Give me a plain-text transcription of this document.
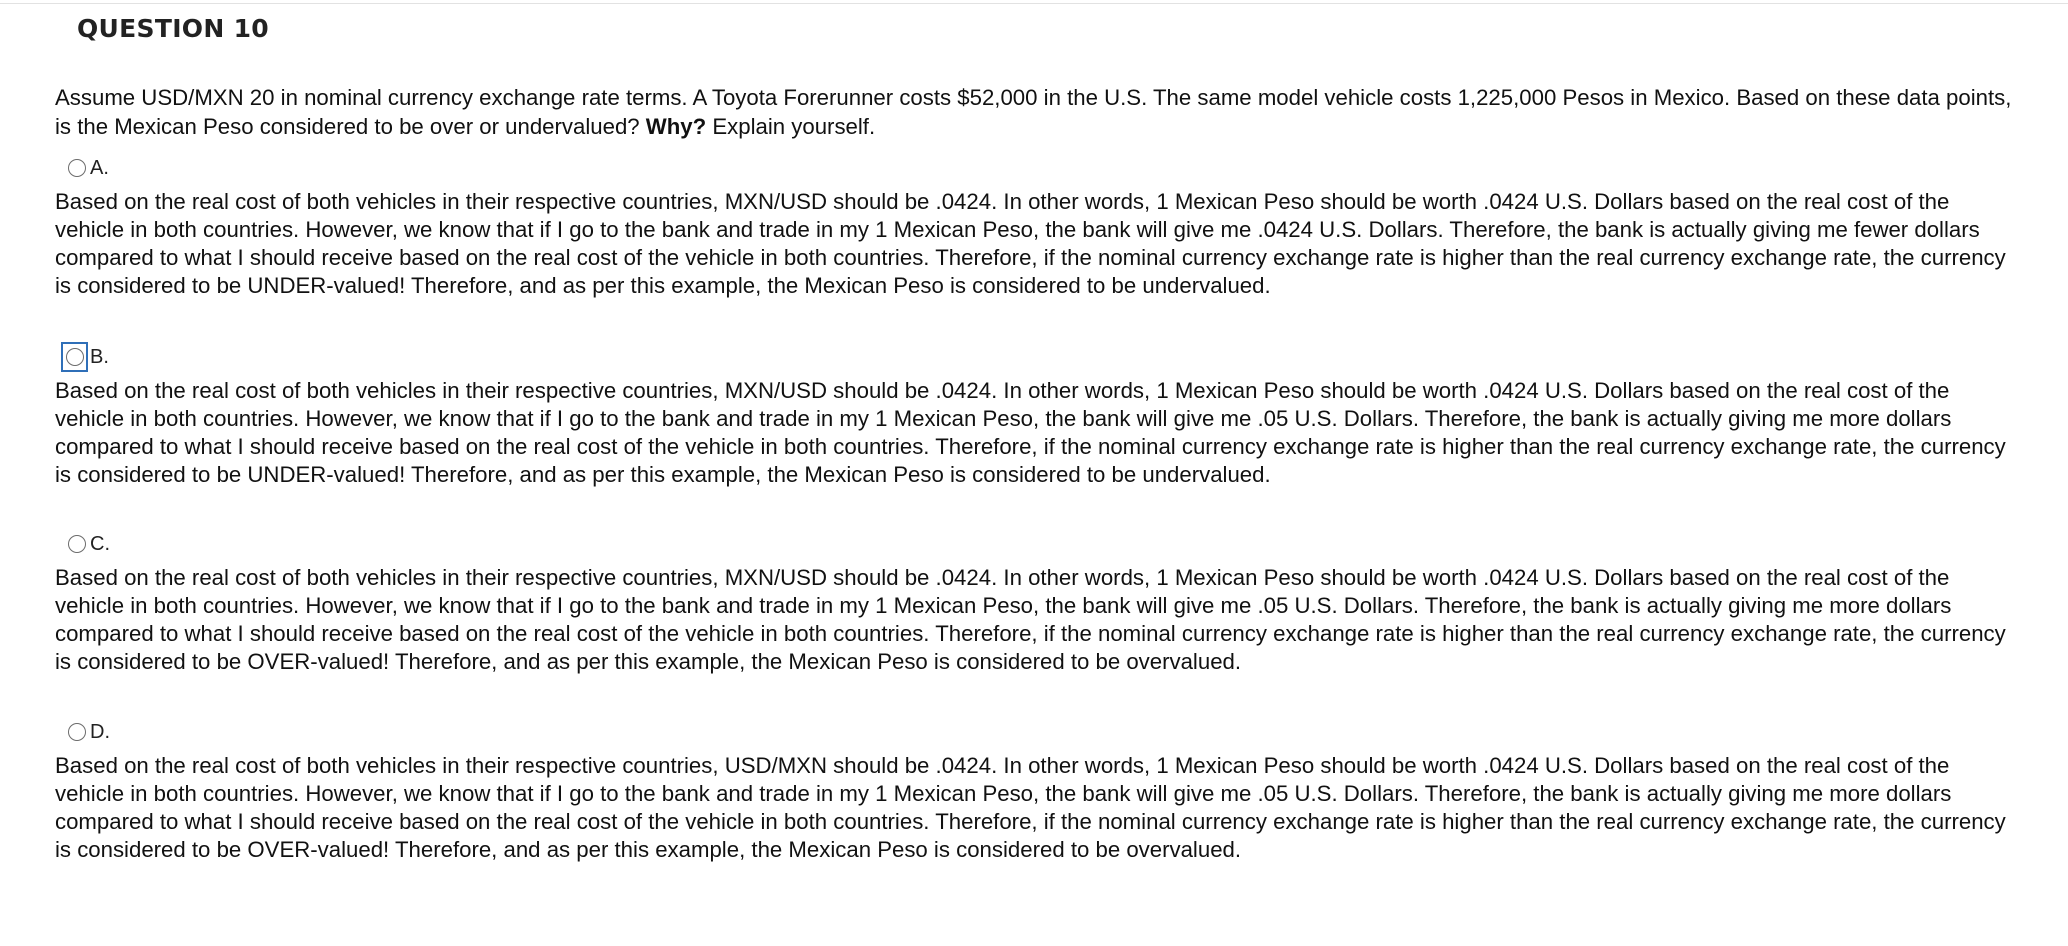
QUESTION 10
Assume USD/MXN 20 in nominal currency exchange rate terms. A Toyota Forerunner costs $52,000 in the U.S. The same model vehicle costs 1,225,000 Pesos in Mexico. Based on these data points, is the Mexican Peso considered to be over or undervalued? Why? Explain yourself.
A.
Based on the real cost of both vehicles in their respective countries, MXN/USD should be .0424. In other words, 1 Mexican Peso should be worth .0424 U.S. Dollars based on the real cost of the vehicle in both countries. However, we know that if I go to the bank and trade in my 1 Mexican Peso, the bank will give me .0424 U.S. Dollars. Therefore, the bank is actually giving me fewer dollars compared to what I should receive based on the real cost of the vehicle in both countries. Therefore, if the nominal currency exchange rate is higher than the real currency exchange rate, the currency is considered to be UNDER-valued! Therefore, and as per this example, the Mexican Peso is considered to be undervalued.
B.
Based on the real cost of both vehicles in their respective countries, MXN/USD should be .0424. In other words, 1 Mexican Peso should be worth .0424 U.S. Dollars based on the real cost of the vehicle in both countries. However, we know that if I go to the bank and trade in my 1 Mexican Peso, the bank will give me .05 U.S. Dollars. Therefore, the bank is actually giving me more dollars compared to what I should receive based on the real cost of the vehicle in both countries. Therefore, if the nominal currency exchange rate is higher than the real currency exchange rate, the currency is considered to be UNDER-valued! Therefore, and as per this example, the Mexican Peso is considered to be undervalued.
C.
Based on the real cost of both vehicles in their respective countries, MXN/USD should be .0424. In other words, 1 Mexican Peso should be worth .0424 U.S. Dollars based on the real cost of the vehicle in both countries. However, we know that if I go to the bank and trade in my 1 Mexican Peso, the bank will give me .05 U.S. Dollars. Therefore, the bank is actually giving me more dollars compared to what I should receive based on the real cost of the vehicle in both countries. Therefore, if the nominal currency exchange rate is higher than the real currency exchange rate, the currency is considered to be OVER-valued! Therefore, and as per this example, the Mexican Peso is considered to be overvalued.
D.
Based on the real cost of both vehicles in their respective countries, USD/MXN should be .0424. In other words, 1 Mexican Peso should be worth .0424 U.S. Dollars based on the real cost of the vehicle in both countries. However, we know that if I go to the bank and trade in my 1 Mexican Peso, the bank will give me .05 U.S. Dollars. Therefore, the bank is actually giving me more dollars compared to what I should receive based on the real cost of the vehicle in both countries. Therefore, if the nominal currency exchange rate is higher than the real currency exchange rate, the currency is considered to be OVER-valued! Therefore, and as per this example, the Mexican Peso is considered to be overvalued.
